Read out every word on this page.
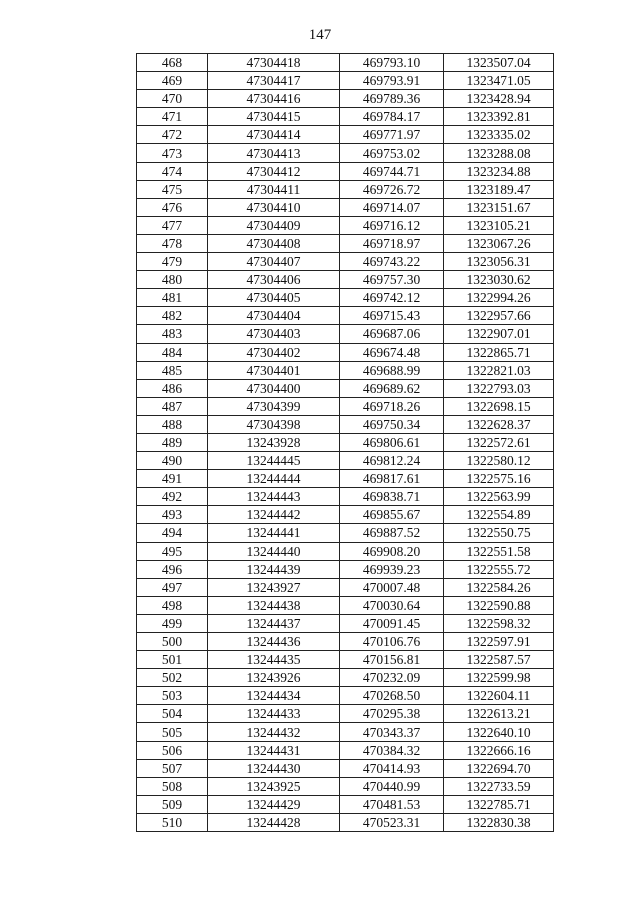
147
468	47304418	469793.10	1323507.04
469	47304417	469793.91	1323471.05
470	47304416	469789.36	1323428.94
471	47304415	469784.17	1323392.81
472	47304414	469771.97	1323335.02
473	47304413	469753.02	1323288.08
474	47304412	469744.71	1323234.88
475	47304411	469726.72	1323189.47
476	47304410	469714.07	1323151.67
477	47304409	469716.12	1323105.21
478	47304408	469718.97	1323067.26
479	47304407	469743.22	1323056.31
480	47304406	469757.30	1323030.62
481	47304405	469742.12	1322994.26
482	47304404	469715.43	1322957.66
483	47304403	469687.06	1322907.01
484	47304402	469674.48	1322865.71
485	47304401	469688.99	1322821.03
486	47304400	469689.62	1322793.03
487	47304399	469718.26	1322698.15
488	47304398	469750.34	1322628.37
489	13243928	469806.61	1322572.61
490	13244445	469812.24	1322580.12
491	13244444	469817.61	1322575.16
492	13244443	469838.71	1322563.99
493	13244442	469855.67	1322554.89
494	13244441	469887.52	1322550.75
495	13244440	469908.20	1322551.58
496	13244439	469939.23	1322555.72
497	13243927	470007.48	1322584.26
498	13244438	470030.64	1322590.88
499	13244437	470091.45	1322598.32
500	13244436	470106.76	1322597.91
501	13244435	470156.81	1322587.57
502	13243926	470232.09	1322599.98
503	13244434	470268.50	1322604.11
504	13244433	470295.38	1322613.21
505	13244432	470343.37	1322640.10
506	13244431	470384.32	1322666.16
507	13244430	470414.93	1322694.70
508	13243925	470440.99	1322733.59
509	13244429	470481.53	1322785.71
510	13244428	470523.31	1322830.38
